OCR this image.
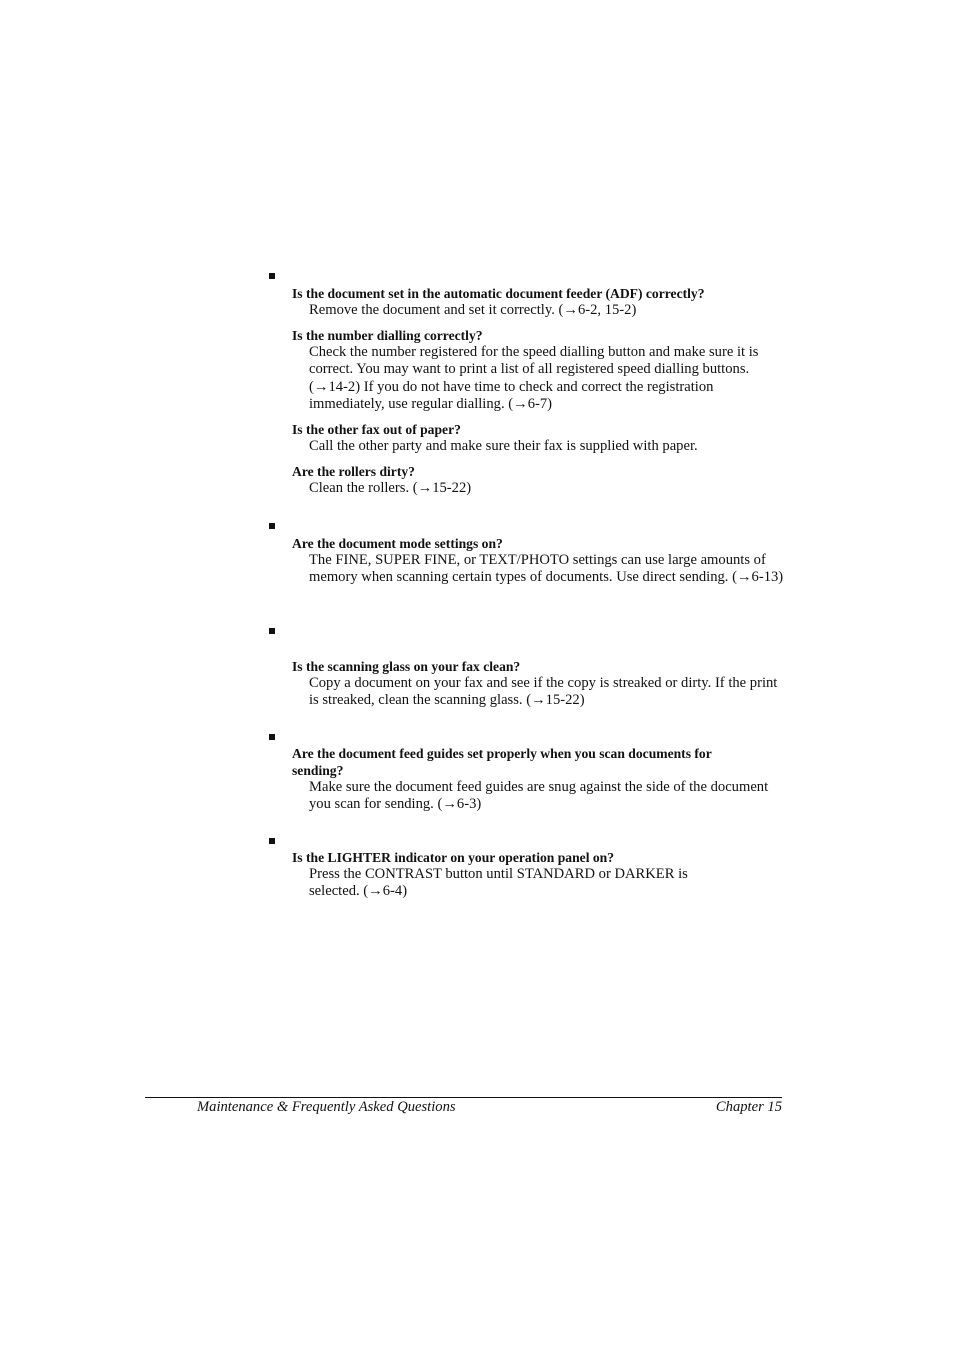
Is the document set in the automatic document feeder (ADF) correctly?

Remove the document and set it correctly. (→6-2, 15-2)

Is the number dialling correctly?

Check the number registered for the speed dialling button and make sure it is correct. You may want to print a list of all registered speed dialling buttons. (→14-2) If you do not have time to check and correct the registration immediately, use regular dialling. (→6-7)

Is the other fax out of paper?

Call the other party and make sure their fax is supplied with paper.

Are the rollers dirty?

Clean the rollers. (→15-22)

Are the document mode settings on?

The FINE, SUPER FINE, or TEXT/PHOTO settings can use large amounts of memory when scanning certain types of documents. Use direct sending. (→6-13)

Is the scanning glass on your fax clean?

Copy a document on your fax and see if the copy is streaked or dirty. If the print is streaked, clean the scanning glass. (→15-22)

Are the document feed guides set properly when you scan documents for sending?

Make sure the document feed guides are snug against the side of the document you scan for sending. (→6-3)

Is the LIGHTER indicator on your operation panel on?

Press the CONTRAST button until STANDARD or DARKER is selected. (→6-4)

Maintenance & Frequently Asked Questions	Chapter 15
